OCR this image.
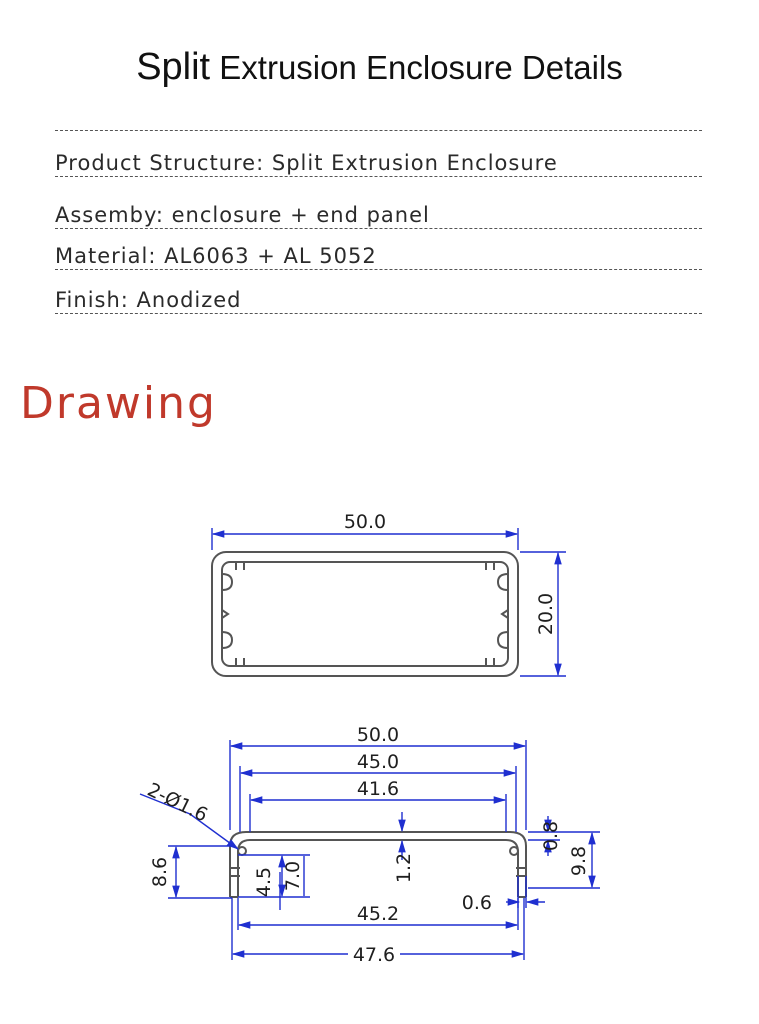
Split Extrusion Enclosure Details
Product Structure: Split Extrusion Enclosure
Assemby: enclosure + end panel
Material: AL6063 + AL 5052
Finish: Anodized
Drawing
50.0
20.0
50.0
45.0
41.6
2-Ø1.6
8.6	4.5 7.0	1.2
0.8
9.8
0.6
45.2
47.6
